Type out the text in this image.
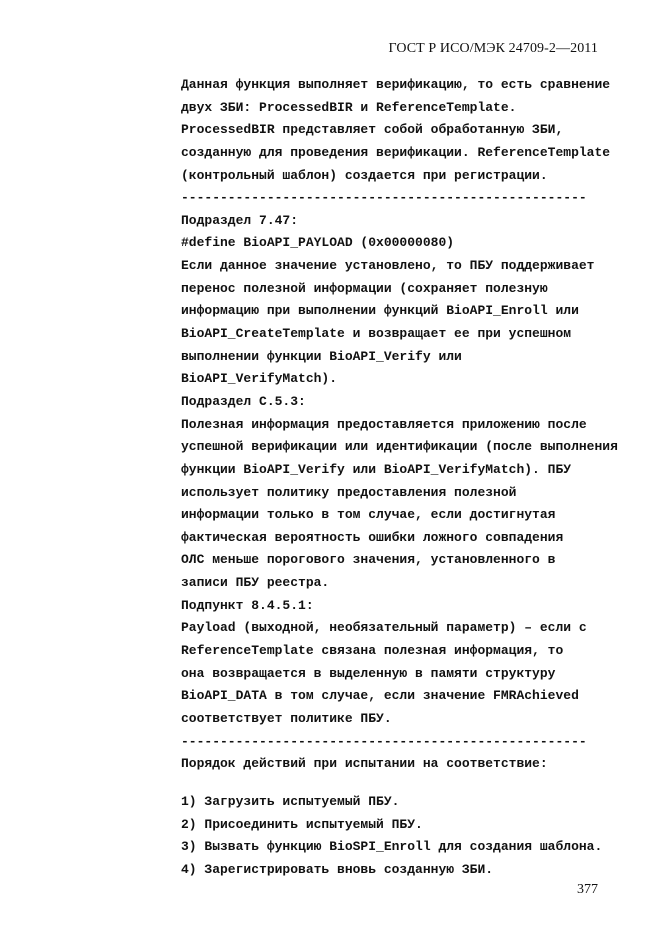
ГОСТ Р ИСО/МЭК 24709-2—2011
Данная функция выполняет верификацию, то есть сравнение
двух ЗБИ: ProcessedBIR и ReferenceTemplate.
ProcessedBIR представляет собой обработанную ЗБИ,
созданную для проведения верификации. ReferenceTemplate
(контрольный шаблон) создается при регистрации.
----------------------------------------------------
Подраздел 7.47:
#define BioAPI_PAYLOAD (0x00000080)
Если данное значение установлено, то ПБУ поддерживает
перенос полезной информации (сохраняет полезную
информацию при выполнении функций BioAPI_Enroll или
BioAPI_CreateTemplate и возвращает ее при успешном
выполнении функции BioAPI_Verify или
BioAPI_VerifyMatch).
Подраздел С.5.3:
Полезная информация предоставляется приложению после
успешной верификации или идентификации (после выполнения
функции BioAPI_Verify или BioAPI_VerifyMatch). ПБУ
использует политику предоставления полезной
информации только в том случае, если достигнутая
фактическая вероятность ошибки ложного совпадения
ОЛС меньше порогового значения, установленного в
записи ПБУ реестра.
Подпункт 8.4.5.1:
Payload (выходной, необязательный параметр) – если с
ReferenceTemplate связана полезная информация, то
она возвращается в выделенную в памяти структуру
BioAPI_DATA в том случае, если значение FMRAchieved
соответствует политике ПБУ.
----------------------------------------------------
Порядок действий при испытании на соответствие:
1) Загрузить испытуемый ПБУ.
2) Присоединить испытуемый ПБУ.
3) Вызвать функцию BioSPI_Enroll для создания шаблона.
4) Зарегистрировать вновь созданную ЗБИ.
377
